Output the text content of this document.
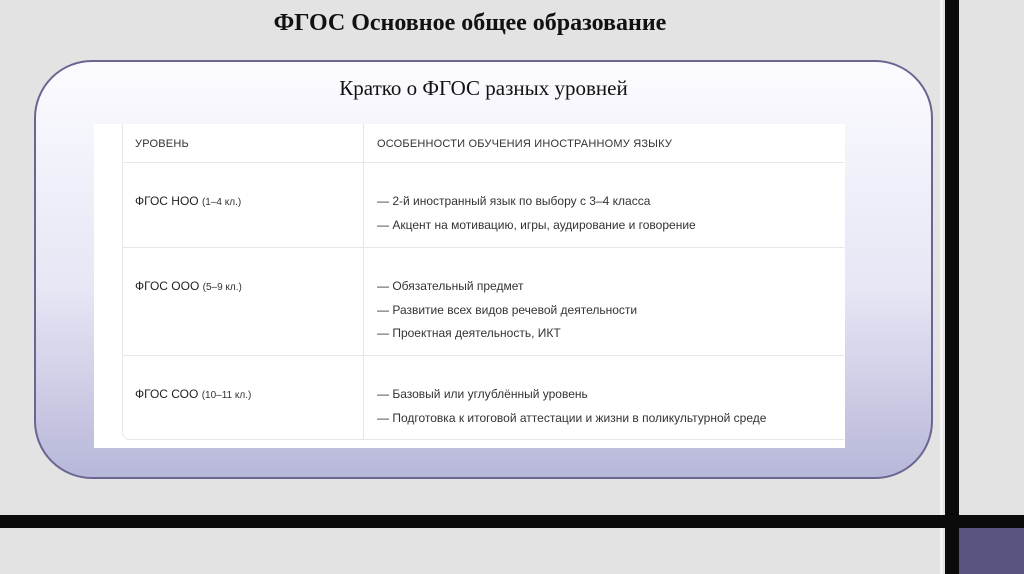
ФГОС Основное общее образование
Кратко о ФГОС разных уровней
УРОВЕНЬ	ОСОБЕННОСТИ ОБУЧЕНИЯ ИНОСТРАННОМУ ЯЗЫКУ
ФГОС НОО (1–4 кл.)	— 2-й иностранный язык по выбору с 3–4 класса
— Акцент на мотивацию, игры, аудирование и говорение
ФГОС ООО (5–9 кл.)	— Обязательный предмет
— Развитие всех видов речевой деятельности
— Проектная деятельность, ИКТ
ФГОС СОО (10–11 кл.)	— Базовый или углублённый уровень
— Подготовка к итоговой аттестации и жизни в поликультурной среде
